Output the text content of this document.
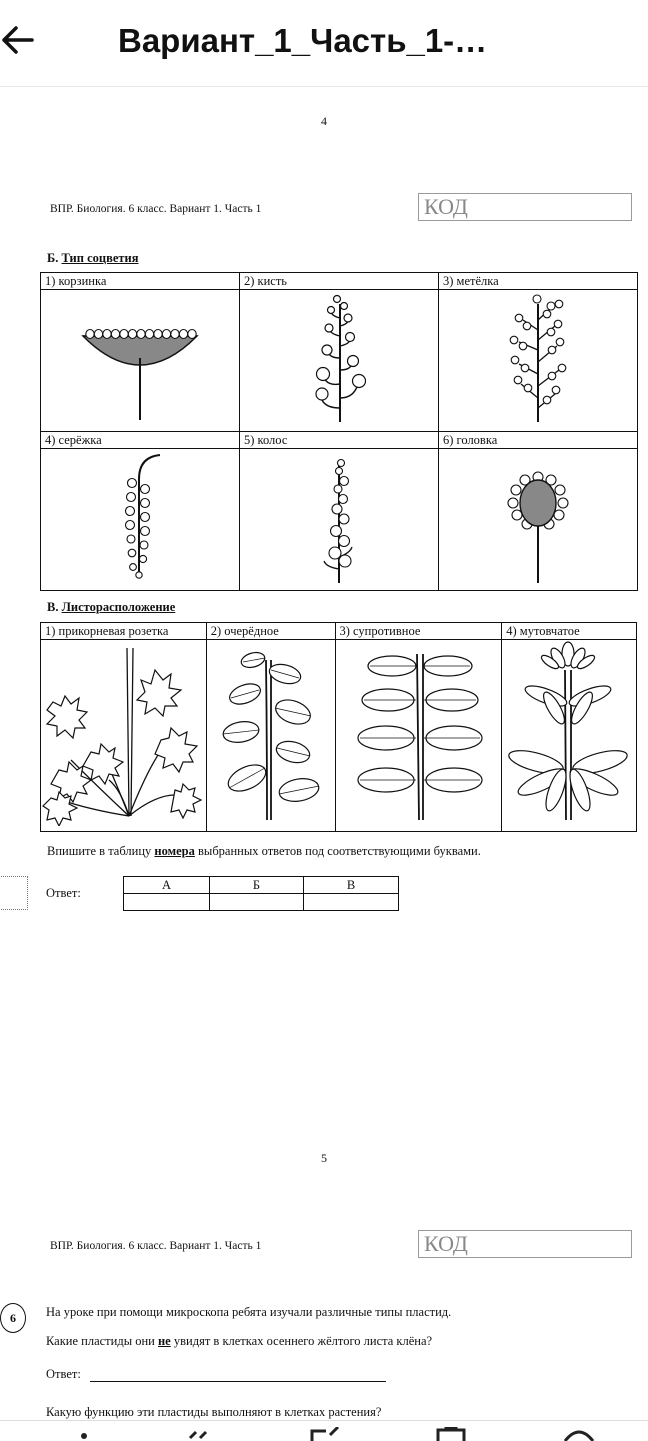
Вариант_1_Часть_1-…
4
ВПР. Биология. 6 класс. Вариант 1. Часть 1	КОД
Б. Тип соцветия
1) корзинка	2) кисть	3) метёлка

4) серёжка	5) колос	6) головка

В. Листорасположение
1) прикорневая розетка	2) очерёдное	3) супротивное	4) мутовчатое

Впишите в таблицу номера выбранных ответов под соответствующими буквами.
Ответ:
А	Б	В

5
ВПР. Биология. 6 класс. Вариант 1. Часть 1	КОД
6	На уроке при помощи микроскопа ребята изучали различные типы пластид.
Какие пластиды они не увидят в клетках осеннего жёлтого листа клёна?
Ответ:
Какую функцию эти пластиды выполняют в клетках растения?
